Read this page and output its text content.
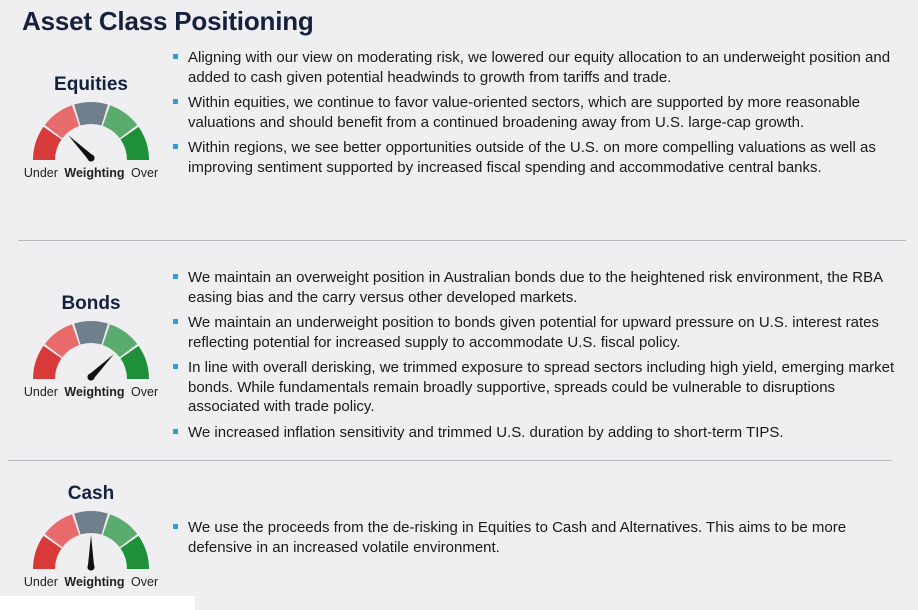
Asset Class Positioning
Equities
Under Weighting Over
Aligning with our view on moderating risk, we lowered our equity allocation to an underweight position and added to cash given potential headwinds to growth from tariffs and trade.
Within equities, we continue to favor value-oriented sectors, which are supported by more reasonable valuations and should benefit from a continued broadening away from U.S. large-cap growth.
Within regions, we see better opportunities outside of the U.S. on more compelling valuations as well as improving sentiment supported by increased fiscal spending and accommodative central banks.
Bonds
Under Weighting Over
We maintain an overweight position in Australian bonds due to the heightened risk environment, the RBA easing bias and the carry versus other developed markets.
We maintain an underweight position to bonds given potential for upward pressure on U.S. interest rates reflecting potential for increased supply to accommodate U.S. fiscal policy.
In line with overall derisking, we trimmed exposure to spread sectors including high yield, emerging market bonds. While fundamentals remain broadly supportive, spreads could be vulnerable to disruptions associated with trade policy.
We increased inflation sensitivity and trimmed U.S. duration by adding to short-term TIPS.
Cash
Under Weighting Over
We use the proceeds from the de-risking in Equities to Cash and Alternatives. This aims to be more defensive in an increased volatile environment.
